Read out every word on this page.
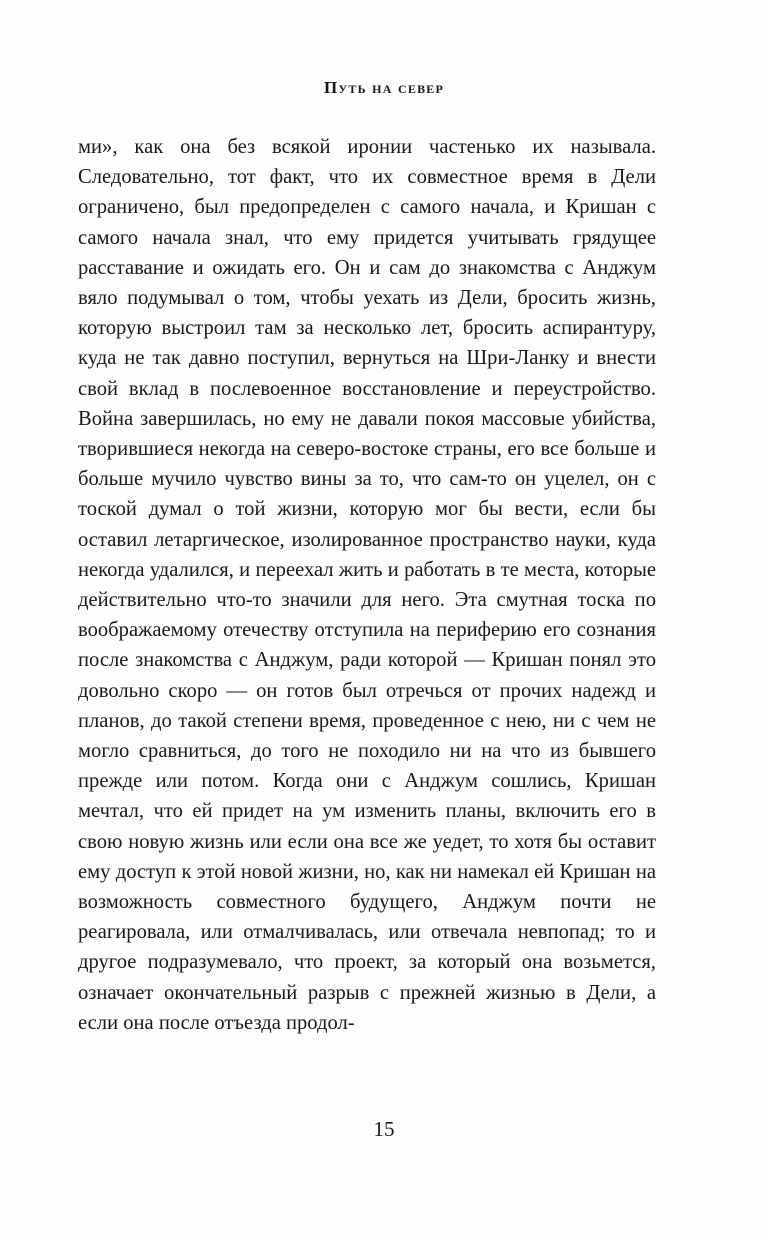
Путь на север

ми», как она без всякой иронии частенько их называла. Следовательно, тот факт, что их совместное время в Дели ограничено, был предопределен с самого начала, и Кришан с самого начала знал, что ему придется учитывать грядущее расставание и ожидать его. Он и сам до знакомства с Анджум вяло подумывал о том, чтобы уехать из Дели, бросить жизнь, которую выстроил там за несколько лет, бросить аспирантуру, куда не так давно поступил, вернуться на Шри-Ланку и внести свой вклад в послевоенное восстановление и переустройство. Война завершилась, но ему не давали покоя массовые убийства, творившиеся некогда на северо-востоке страны, его все больше и больше мучило чувство вины за то, что сам-то он уцелел, он с тоской думал о той жизни, которую мог бы вести, если бы оставил летаргическое, изолированное пространство науки, куда некогда удалился, и переехал жить и работать в те места, которые действительно что-то значили для него. Эта смутная тоска по воображаемому отечеству отступила на периферию его сознания после знакомства с Анджум, ради которой — Кришан понял это довольно скоро — он готов был отречься от прочих надежд и планов, до такой степени время, проведенное с нею, ни с чем не могло сравниться, до того не походило ни на что из бывшего прежде или потом. Когда они с Анджум сошлись, Кришан мечтал, что ей придет на ум изменить планы, включить его в свою новую жизнь или если она все же уедет, то хотя бы оставит ему доступ к этой новой жизни, но, как ни намекал ей Кришан на возможность совместного будущего, Анджум почти не реагировала, или отмалчивалась, или отвечала невпопад; то и другое подразумевало, что проект, за который она возьмется, означает окончательный разрыв с прежней жизнью в Дели, а если она после отъезда продол-

15
